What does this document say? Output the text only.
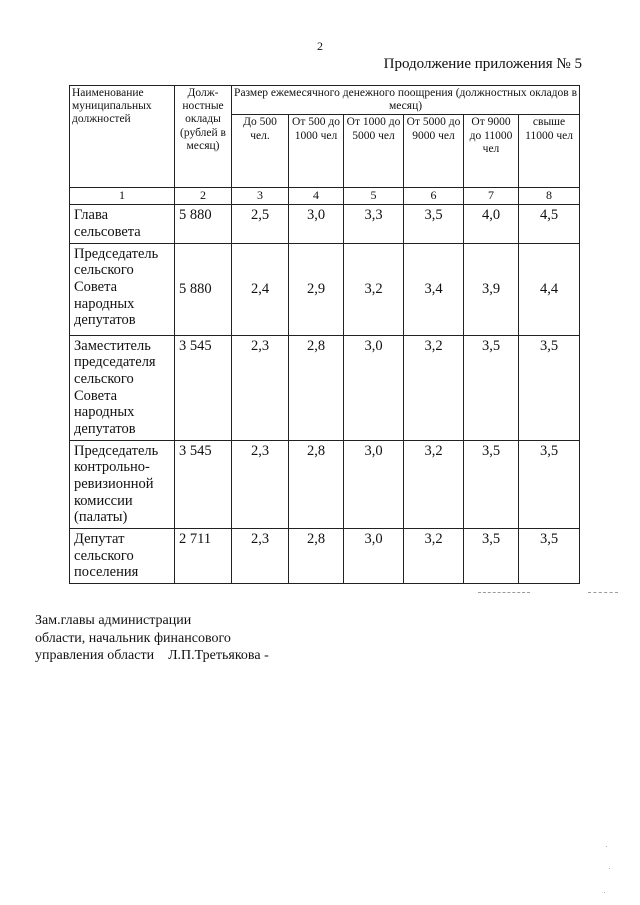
2
Продолжение приложения № 5
Наименование муниципальных должностей	Долж-ностные оклады (рублей в месяц)	Размер ежемесячного денежного поощрения (должностных окладов в месяц)					
		До 500 чел.	От 500 до 1000 чел	От 1000 до 5000 чел	От 5000 до 9000 чел	От 9000 до 11000 чел	свыше 11000 чел
1	2	3	4	5	6	7	8
Глава сельсовета	5 880	2,5	3,0	3,3	3,5	4,0	4,5
Председатель сельского Совета народных депутатов	5 880	2,4	2,9	3,2	3,4	3,9	4,4
Заместитель председателя сельского Совета народных депутатов	3 545	2,3	2,8	3,0	3,2	3,5	3,5
Председатель контрольно-ревизионной комиссии (палаты)	3 545	2,3	2,8	3,0	3,2	3,5	3,5
Депутат сельского поселения	2 711	2,3	2,8	3,0	3,2	3,5	3,5
Зам.главы администрации
области, начальник финансового
управления области Л.П.Третьякова -
